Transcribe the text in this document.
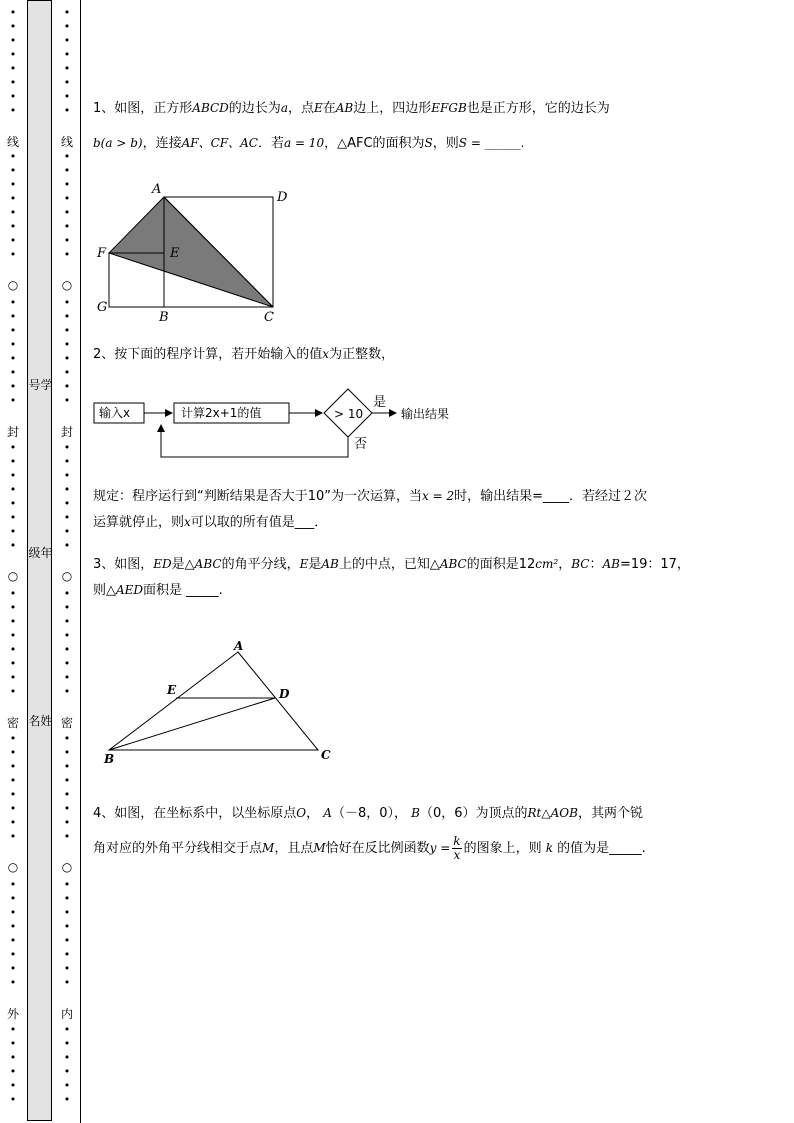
•
•
•
•
•
•
•
•
线
•
•
•
•
•
•
•
•
○
•
•
•
•
•
•
•
•
封
•
•
•
•
•
•
•
•
○
•
•
•
•
•
•
•
•
密
•
•
•
•
•
•
•
•
○
•
•
•
•
•
•
•
•
外
•
•
•
•
•
•
号学
级年
名姓
•
•
•
•
•
•
•
•
线
•
•
•
•
•
•
•
•
○
•
•
•
•
•
•
•
•
封
•
•
•
•
•
•
•
•
○
•
•
•
•
•
•
•
•
密
•
•
•
•
•
•
•
•
○
•
•
•
•
•
•
•
•
内
•
•
•
•
•
•
1、如图，正方形ABCD的边长为a，点E在AB边上，四边形EFGB也是正方形，它的边长为
b(a > b)，连接AF、CF、AC．若a = 10，△AFC的面积为S，则S = ______.
A
D
F	E
G
B	C
2、按下面的程序计算，若开始输入的值x为正整数，
输入x	计算2x+1的值	> 10
是
输出结果
否
规定：程序运行到“判断结果是否大于10”为一次运算，当x = 2时，输出结果=____．若经过２次
运算就停止，则x可以取的所有值是___．
3、如图，ED是△ABC的角平分线，E是AB上的中点，已知△ABC的面积是12cm²，BC：AB=19：17，
则△AED面积是 _____.
A
E	D
B	C
4、如图，在坐标系中，以坐标原点O， A（－8，0）， B（0，6）为顶点的Rt△AOB，其两个锐
角对应的外角平分线相交于点M，且点M恰好在反比例函数$y = \frac{k}{x}$ 的图象上，则 k 的值为是_____.
